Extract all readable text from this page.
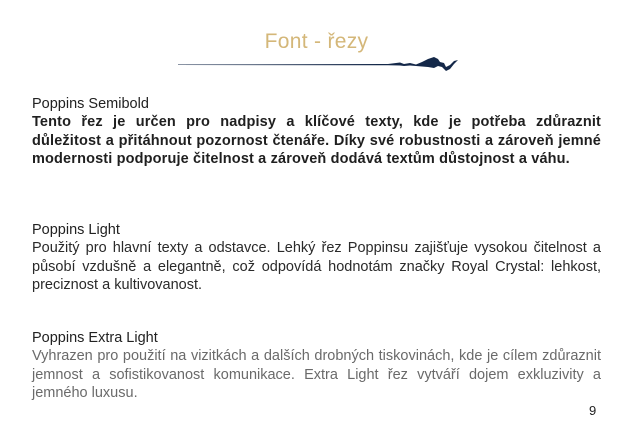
Font - řezy
Poppins Semibold
Tento řez je určen pro nadpisy a klíčové texty, kde je potřeba zdůraznit důležitost a přitáhnout pozornost čtenáře. Díky své robustnosti a zároveň jemné modernosti podporuje čitelnost a zároveň dodává textům důstojnost a váhu.
Poppins Light
Použitý pro hlavní texty a odstavce. Lehký řez Poppinsu zajišťuje vysokou čitelnost a působí vzdušně a elegantně, což odpovídá hodnotám značky Royal Crystal: lehkost, preciznost a kultivovanost.
Poppins Extra Light
Vyhrazen pro použití na vizitkách a dalších drobných tiskovinách, kde je cílem zdůraznit jemnost a sofistikovanost komunikace. Extra Light řez vytváří dojem exkluzivity a jemného luxusu.
9
